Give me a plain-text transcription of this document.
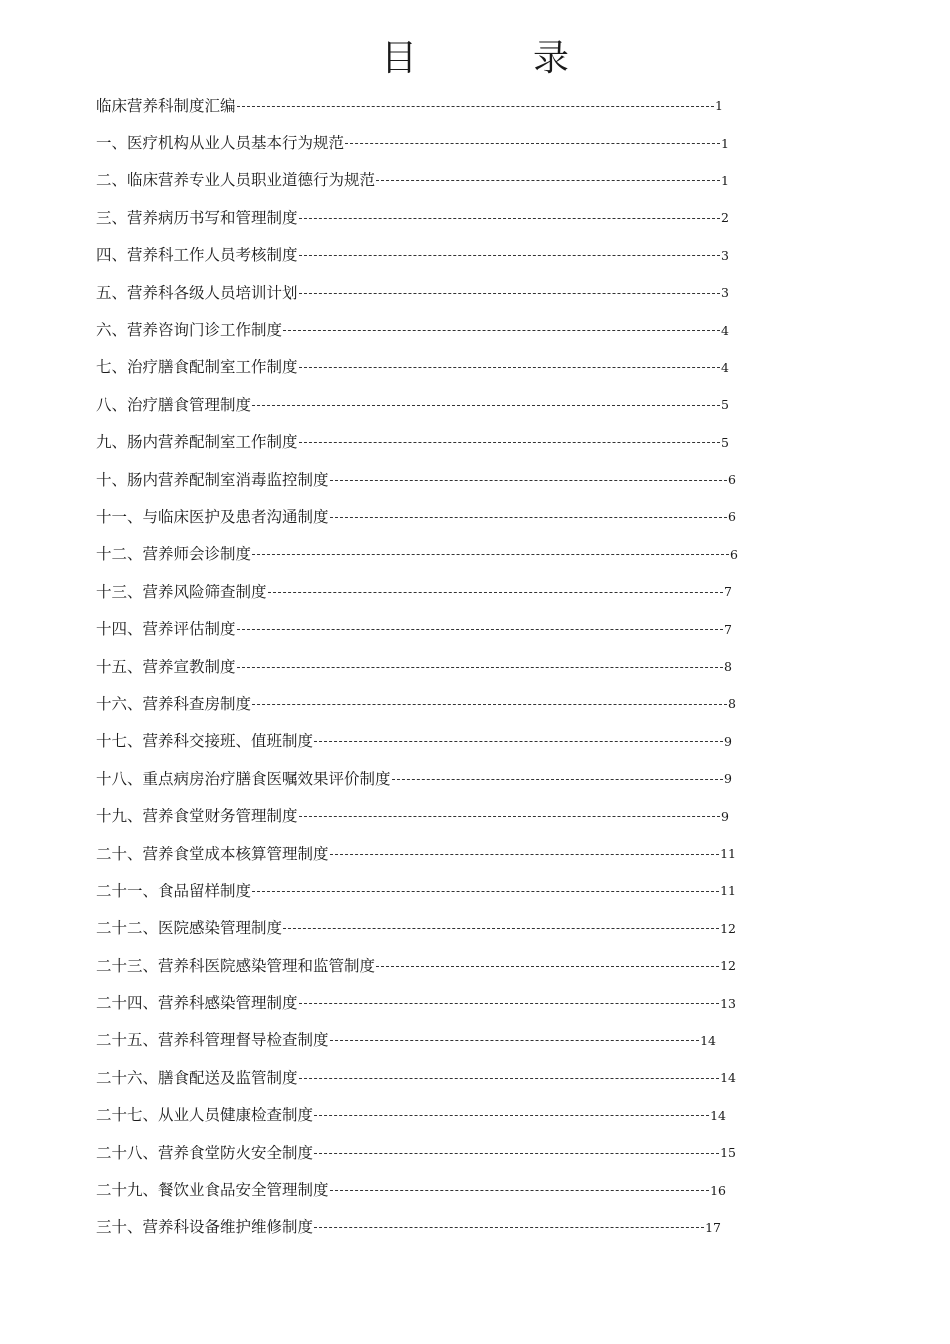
目　录
临床营养科制度汇编	1
一、医疗机构从业人员基本行为规范	1
二、临床营养专业人员职业道德行为规范	1
三、营养病历书写和管理制度	2
四、营养科工作人员考核制度	3
五、营养科各级人员培训计划	3
六、营养咨询门诊工作制度	4
七、治疗膳食配制室工作制度	4
八、治疗膳食管理制度	5
九、肠内营养配制室工作制度	5
十、肠内营养配制室消毒监控制度	6
十一、与临床医护及患者沟通制度	6
十二、营养师会诊制度	6
十三、营养风险筛查制度	7
十四、营养评估制度	7
十五、营养宣教制度	8
十六、营养科查房制度	8
十七、营养科交接班、值班制度	9
十八、重点病房治疗膳食医嘱效果评价制度	9
十九、营养食堂财务管理制度	9
二十、营养食堂成本核算管理制度	11
二十一、食品留样制度	11
二十二、医院感染管理制度	12
二十三、营养科医院感染管理和监管制度	12
二十四、营养科感染管理制度	13
二十五、营养科管理督导检查制度	14
二十六、膳食配送及监管制度	14
二十七、从业人员健康检查制度	14
二十八、营养食堂防火安全制度	15
二十九、餐饮业食品安全管理制度	16
三十、营养科设备维护维修制度	17
